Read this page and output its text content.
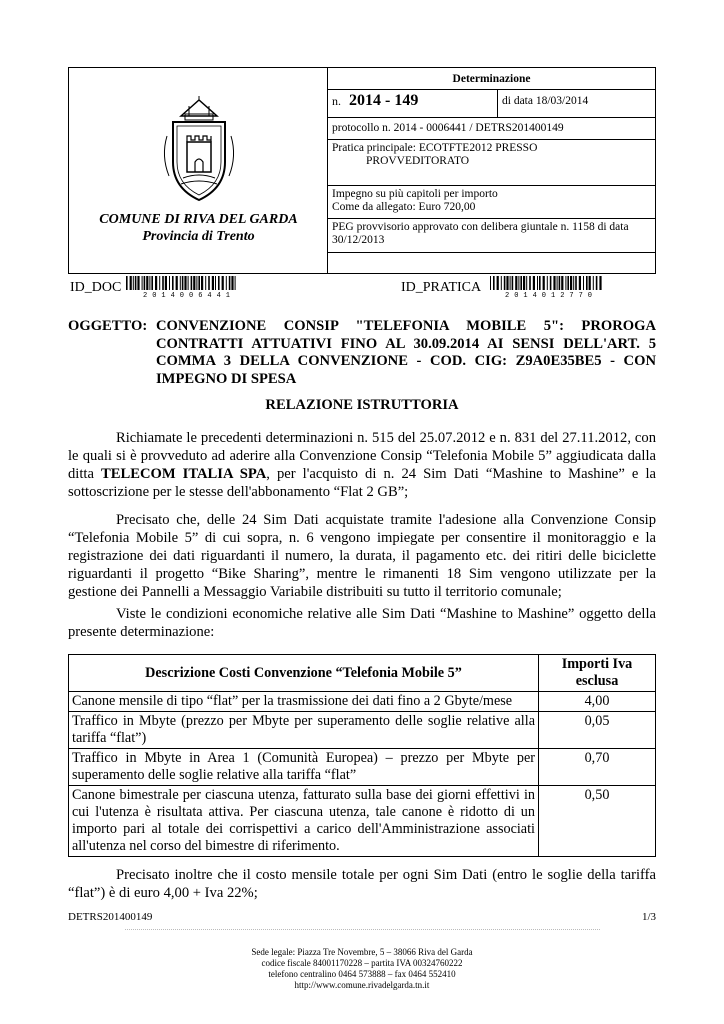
COMUNE DI RIVA DEL GARDA
Provincia di Trento
Determinazione
n. 2014 - 149	di data 18/03/2014
protocollo n. 2014 - 0006441 / DETRS201400149
Pratica principale: ECOTFTE2012 PRESSO
PROVVEDITORATO
Impegno su più capitoli per importo
Come da allegato: Euro 720,00
PEG provvisorio approvato con delibera giuntale n. 1158 di data 30/12/2013
ID_DOC
2014006441
ID_PRATICA
2014012770
OGGETTO: CONVENZIONE CONSIP "TELEFONIA MOBILE 5": PROROGA CONTRATTI ATTUATIVI FINO AL 30.09.2014 AI SENSI DELL'ART. 5 COMMA 3 DELLA CONVENZIONE - COD. CIG: Z9A0E35BE5 - CON IMPEGNO DI SPESA
RELAZIONE ISTRUTTORIA
Richiamate le precedenti determinazioni n. 515 del 25.07.2012 e n. 831 del 27.11.2012, con le quali si è provveduto ad aderire alla Convenzione Consip “Telefonia Mobile 5” aggiudicata dalla ditta TELECOM ITALIA SPA, per l'acquisto di n. 24 Sim Dati “Mashine to Mashine” e la sottoscrizione per le stesse dell'abbonamento “Flat 2 GB”;
Precisato che, delle 24 Sim Dati acquistate tramite l'adesione alla Convenzione Consip “Telefonia Mobile 5” di cui sopra, n. 6 vengono impiegate per consentire il monitoraggio e la registrazione dei dati riguardanti il numero, la durata, il pagamento etc. dei ritiri delle biciclette riguardanti il progetto “Bike Sharing”, mentre le rimanenti 18 Sim vengono utilizzate per la gestione dei Pannelli a Messaggio Variabile distribuiti su tutto il territorio comunale;
Viste le condizioni economiche relative alle Sim Dati “Mashine to Mashine” oggetto della presente determinazione:
Descrizione Costi Convenzione “Telefonia Mobile 5”	Importi Iva esclusa
Canone mensile di tipo “flat” per la trasmissione dei dati fino a 2 Gbyte/mese	4,00
Traffico in Mbyte (prezzo per Mbyte per superamento delle soglie relative alla tariffa “flat”)	0,05
Traffico in Mbyte in Area 1 (Comunità Europea) – prezzo per Mbyte per superamento delle soglie relative alla tariffa “flat”	0,70
Canone bimestrale per ciascuna utenza, fatturato sulla base dei giorni effettivi in cui l'utenza è risultata attiva. Per ciascuna utenza, tale canone è ridotto di un importo pari al totale dei corrispettivi a carico dell'Amministrazione associati all'utenza nel corso del bimestre di riferimento.	0,50
Precisato inoltre che il costo mensile totale per ogni Sim Dati (entro le soglie della tariffa “flat”) è di euro 4,00 + Iva 22%;
DETRS201400149	1/3
Sede legale: Piazza Tre Novembre, 5 – 38066 Riva del Garda
codice fiscale 84001170228 – partita IVA 00324760222
telefono centralino 0464 573888 – fax 0464 552410
http://www.comune.rivadelgarda.tn.it
